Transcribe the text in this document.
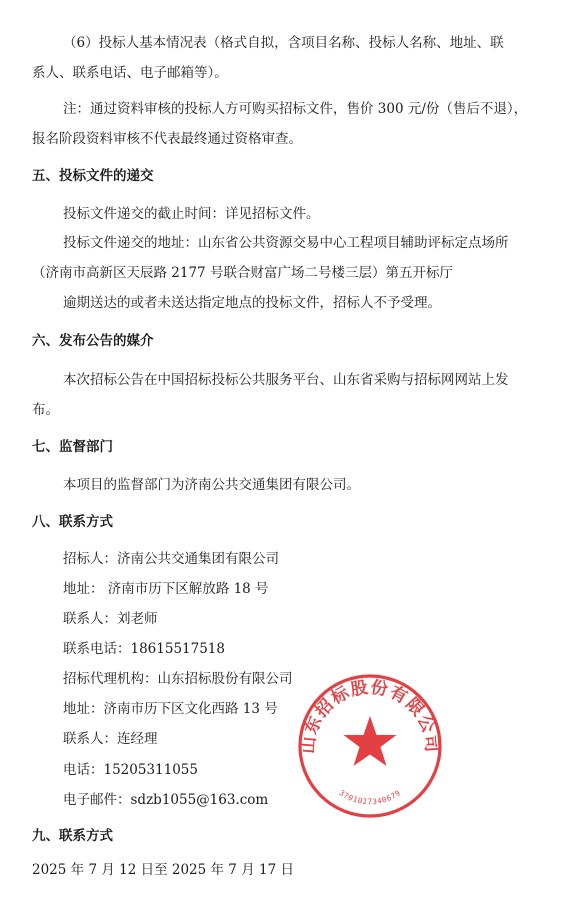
（6）投标人基本情况表（格式自拟，含项目名称、投标人名称、地址、联
系人、联系电话、电子邮箱等）。
注：通过资料审核的投标人方可购买招标文件，售价 300 元/份（售后不退），
报名阶段资料审核不代表最终通过资格审查。
五、投标文件的递交
投标文件递交的截止时间：详见招标文件。
投标文件递交的地址：山东省公共资源交易中心工程项目辅助评标定点场所
（济南市高新区天辰路 2177 号联合财富广场二号楼三层）第五开标厅
逾期送达的或者未送达指定地点的投标文件，招标人不予受理。
六、发布公告的媒介
本次招标公告在中国招标投标公共服务平台、山东省采购与招标网网站上发
布。
七、监督部门
本项目的监督部门为济南公共交通集团有限公司。
八、联系方式
招标人：济南公共交通集团有限公司
地址： 济南市历下区解放路 18 号
联系人：刘老师
联系电话：18615517518
招标代理机构：山东招标股份有限公司
地址：济南市历下区文化西路 13 号
联系人：连经理
电话：15205311055
电子邮件：sdzb1055@163.com
九、联系方式
2025 年 7 月 12 日至 2025 年 7 月 17 日
山东招标股份有限公司
3701027340679
